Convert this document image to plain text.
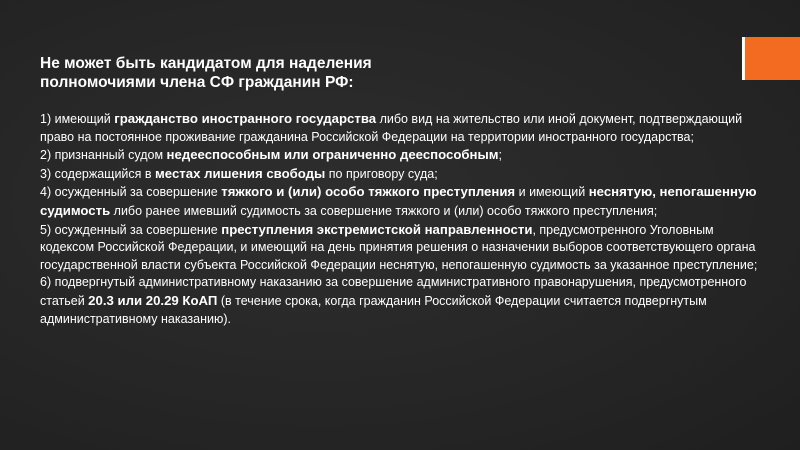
Не может быть кандидатом для наделения
полномочиями члена СФ гражданин РФ:
1) имеющий гражданство иностранного государства либо вид на жительство или иной документ, подтверждающий право на постоянное проживание гражданина Российской Федерации на территории иностранного государства;
2) признанный судом недееспособным или ограниченно дееспособным;
3) содержащийся в местах лишения свободы по приговору суда;
4) осужденный за совершение тяжкого и (или) особо тяжкого преступления и имеющий неснятую, непогашенную судимость либо ранее имевший судимость за совершение тяжкого и (или) особо тяжкого преступления;
5) осужденный за совершение преступления экстремистской направленности, предусмотренного Уголовным кодексом Российской Федерации, и имеющий на день принятия решения о назначении выборов соответствующего органа государственной власти субъекта Российской Федерации неснятую, непогашенную судимость за указанное преступление;
6) подвергнутый административному наказанию за совершение административного правонарушения, предусмотренного статьей 20.3 или 20.29 КоАП (в течение срока, когда гражданин Российской Федерации считается подвергнутым административному наказанию).
